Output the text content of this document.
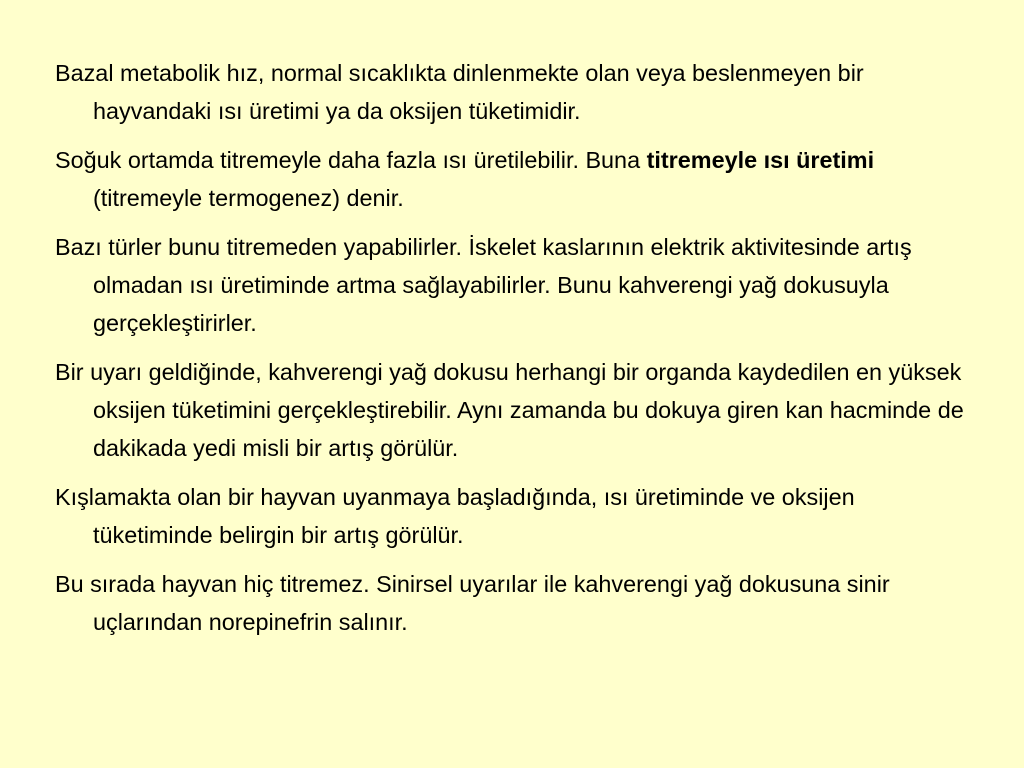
Bazal metabolik hız, normal sıcaklıkta dinlenmekte olan veya beslenmeyen bir hayvandaki ısı üretimi ya da oksijen tüketimidir.

Soğuk ortamda titremeyle daha fazla ısı üretilebilir. Buna titremeyle ısı üretimi (titremeyle termogenez) denir.

Bazı türler bunu titremeden yapabilirler. İskelet kaslarının elektrik aktivitesinde artış olmadan ısı üretiminde artma sağlayabilirler. Bunu kahverengi yağ dokusuyla gerçekleştirirler.

Bir uyarı geldiğinde, kahverengi yağ dokusu herhangi bir organda kaydedilen en yüksek oksijen tüketimini gerçekleştirebilir. Aynı zamanda bu dokuya giren kan hacminde de dakikada yedi misli bir artış görülür.

Kışlamakta olan bir hayvan uyanmaya başladığında, ısı üretiminde ve oksijen tüketiminde belirgin bir artış görülür.

Bu sırada hayvan hiç titremez. Sinirsel uyarılar ile kahverengi yağ dokusuna sinir uçlarından norepinefrin salınır.
